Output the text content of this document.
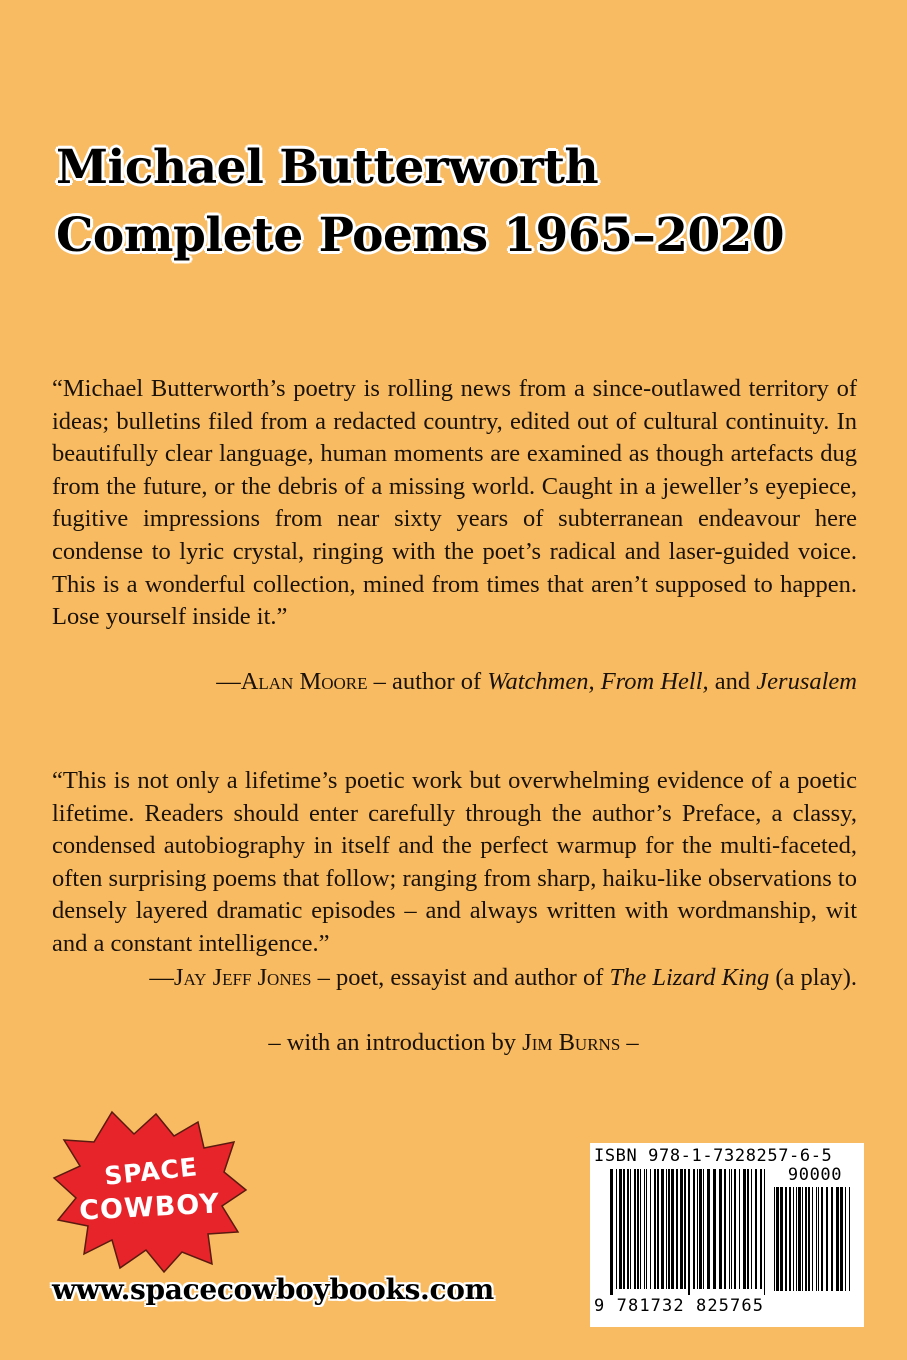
Michael Butterworth
Complete Poems 1965–2020
“Michael Butterworth’s poetry is rolling news from a since-outlawed territory of ideas; bulletins filed from a redacted country, edited out of cultural continuity. In beautifully clear language, human moments are examined as though artefacts dug from the future, or the debris of a missing world. Caught in a jeweller’s eyepiece, fugitive impressions from near sixty years of subterranean endeavour here condense to lyric crystal, ringing with the poet’s radical and laser-guided voice. This is a wonderful collection, mined from times that aren’t supposed to happen. Lose yourself inside it.”
—Alan Moore – author of Watchmen, From Hell, and Jerusalem
“This is not only a lifetime’s poetic work but overwhelming evidence of a poetic lifetime. Readers should enter carefully through the author’s Preface, a classy, condensed autobiography in itself and the perfect warmup for the multi-faceted, often surprising poems that follow; ranging from sharp, haiku-like observations to densely layered dramatic episodes – and always written with wordmanship, wit and a constant intelligence.”
—Jay Jeff Jones – poet, essayist and author of The Lizard King (a play).
– with an introduction by Jim Burns –
SPACE
COWBOY
www.spacecowboybooks.com
ISBN 978-1-7328257-6-5
90000
9 781732 825765
